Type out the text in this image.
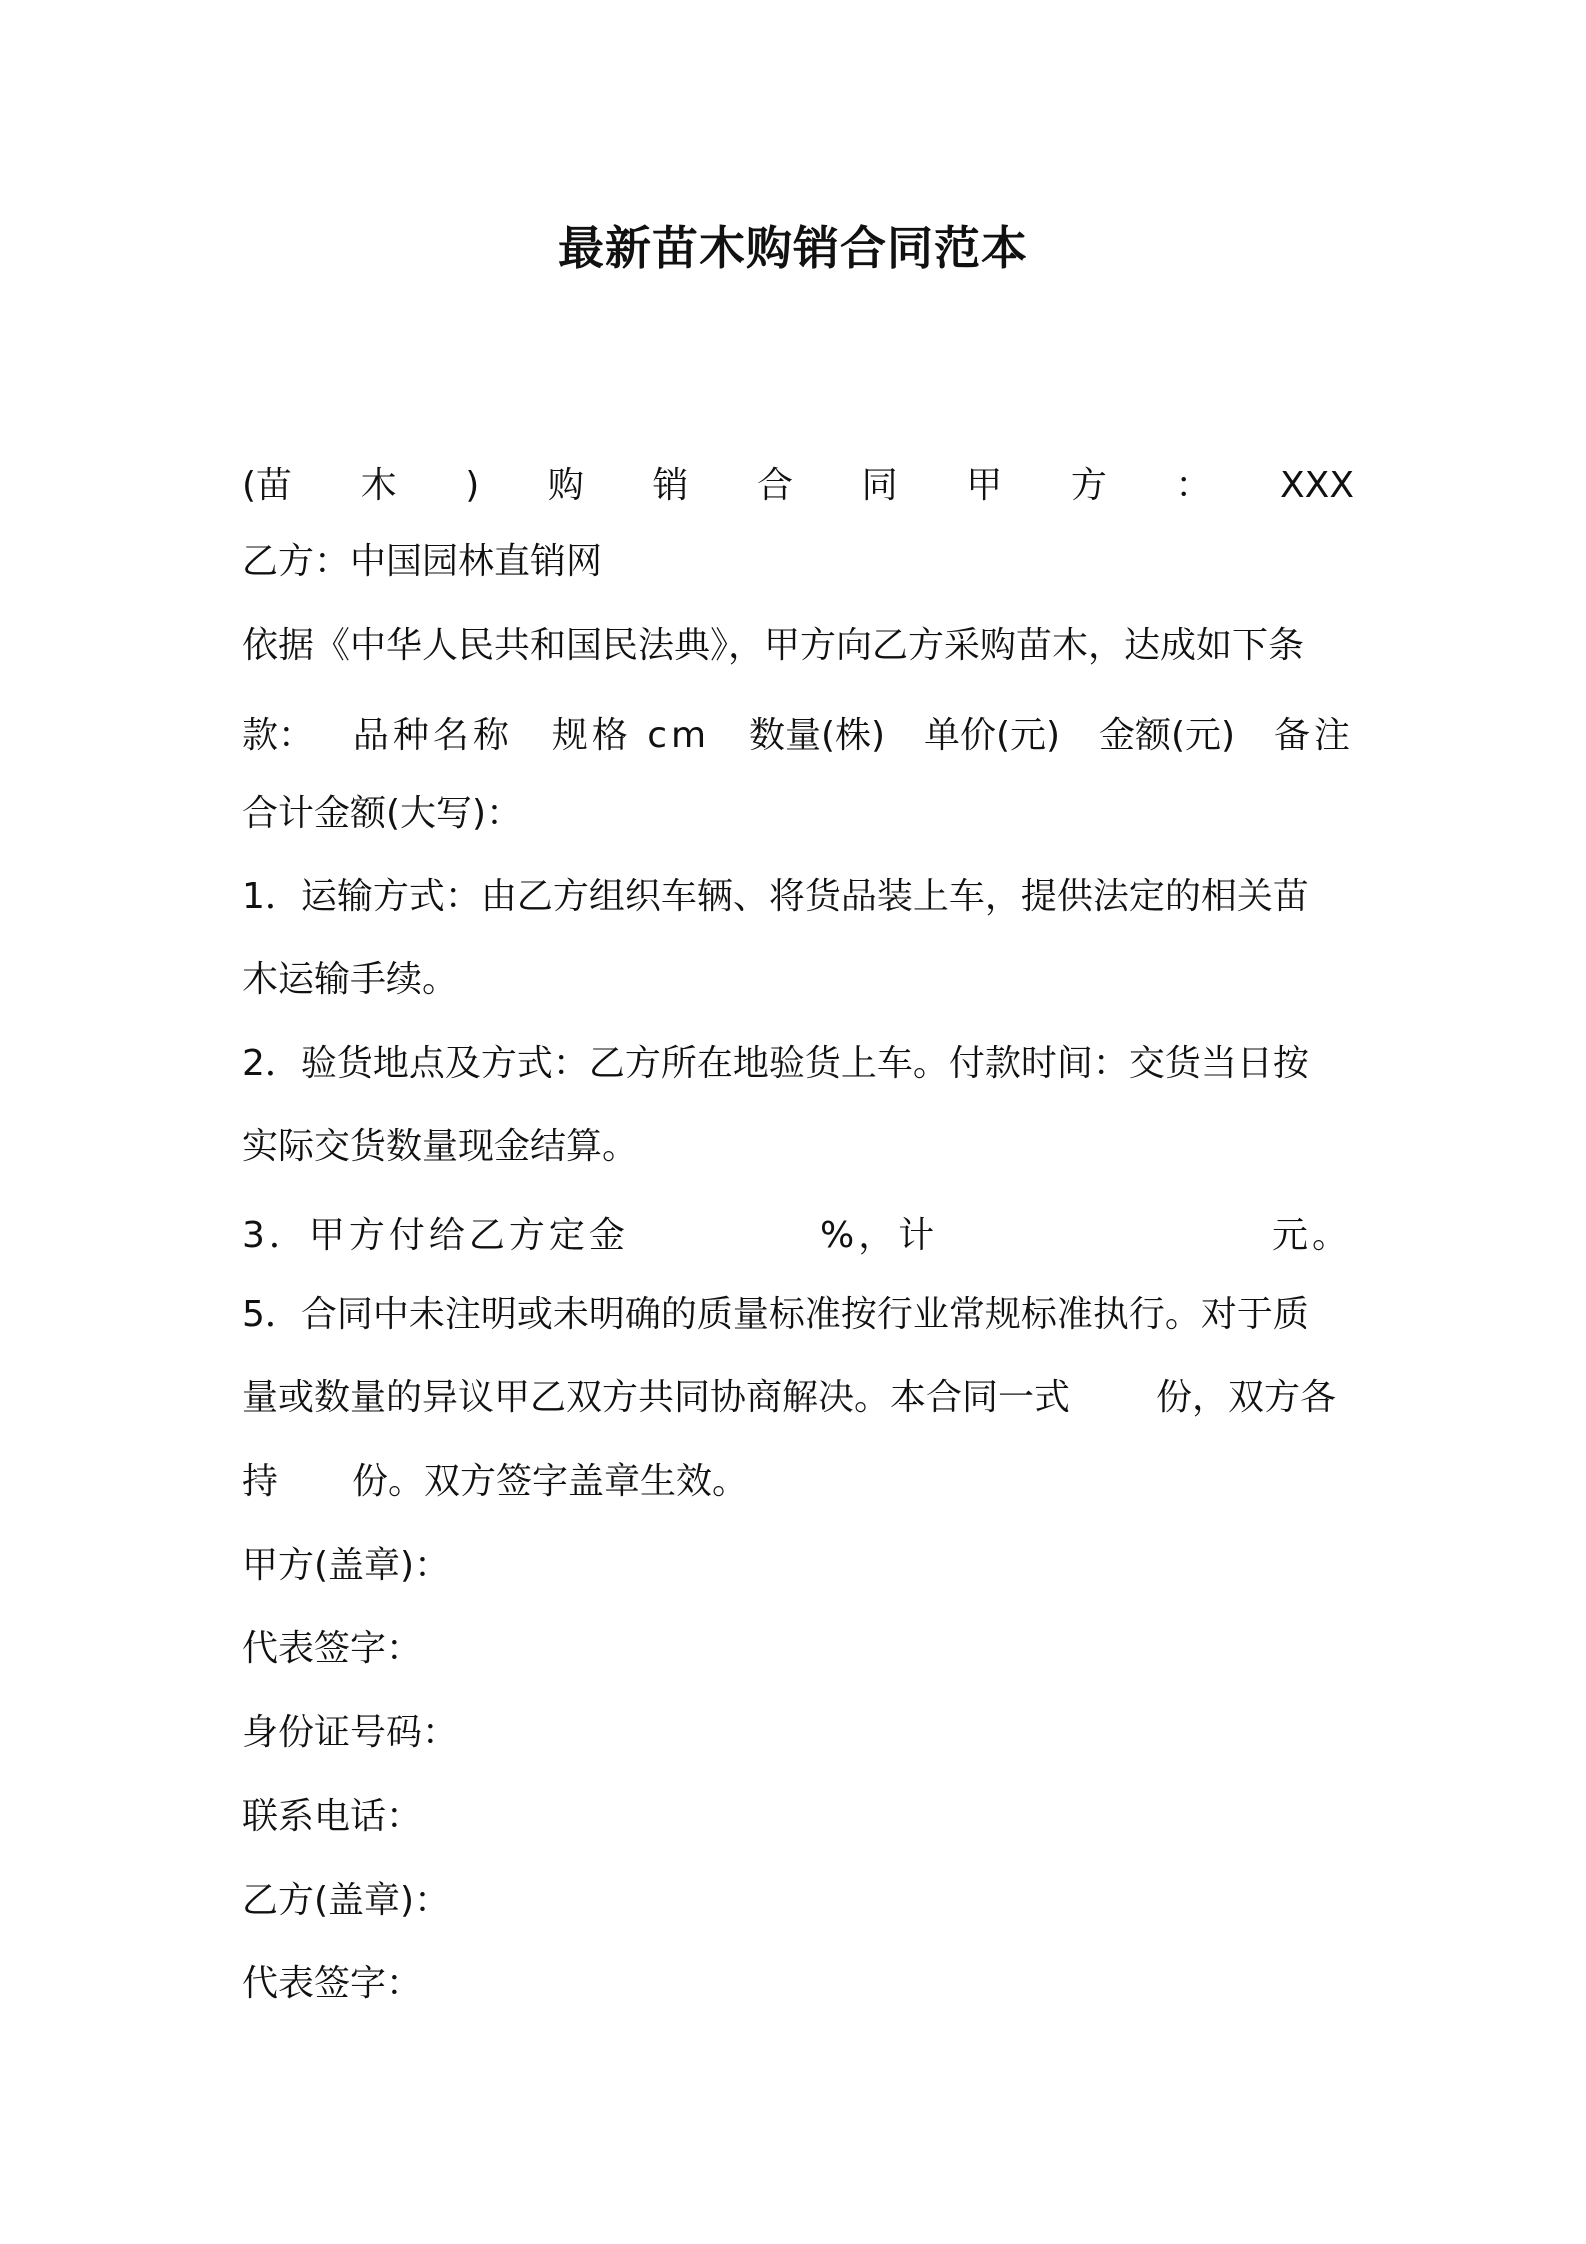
最新苗木购销合同范本
(苗 木 ) 购 销 合 同 甲 方 ： XXX
乙方：中国园林直销网
依据《中华人民共和国民法典》，甲方向乙方采购苗木，达成如下条
款： 品种名称 规格 cm 数量(株) 单价(元) 金额(元) 备注
合计金额(大写)：
1．运输方式：由乙方组织车辆、将货品装上车，提供法定的相关苗
木运输手续。
2．验货地点及方式：乙方所在地验货上车。付款时间：交货当日按
实际交货数量现金结算。
3．甲方付给乙方定金	%，计	元。
5．合同中未注明或未明确的质量标准按行业常规标准执行。对于质
量或数量的异议甲乙双方共同协商解决。本合同一式 份，双方各
持 份。双方签字盖章生效。
甲方(盖章)：
代表签字：
身份证号码：
联系电话：
乙方(盖章)：
代表签字：
